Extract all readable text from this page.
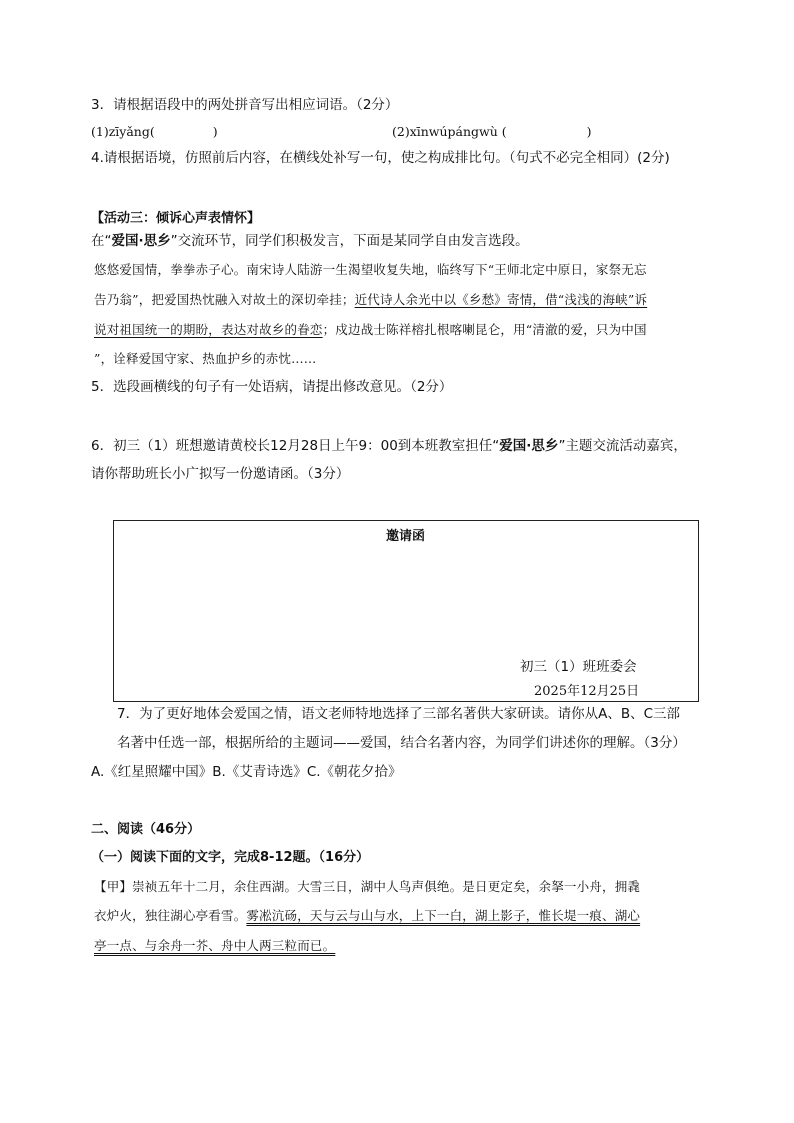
3．请根据语段中的两处拼音写出相应词语。（2分）
(1)zīyǎng(	)	(2)xīnwúpángwù (	)
4.请根据语境，仿照前后内容，在横线处补写一句，使之构成排比句。（句式不必完全相同）(2分)
【活动三：倾诉心声表情怀】
在“爱国·思乡”交流环节，同学们积极发言，下面是某同学自由发言选段。
悠悠爱国情，拳拳赤子心。南宋诗人陆游一生渴望收复失地，临终写下“王师北定中原日，家祭无忘
告乃翁”，把爱国热忱融入对故土的深切牵挂；近代诗人余光中以《乡愁》寄情，借“浅浅的海峡”诉
说对祖国统一的期盼，表达对故乡的眷恋；戍边战士陈祥榕扎根喀喇昆仑，用“清澈的爱，只为中国
”，诠释爱国守家、热血护乡的赤忱……
5．选段画横线的句子有一处语病，请提出修改意见。（2分）
6．初三（1）班想邀请黄校长12月28日上午9：00到本班教室担任“爱国·思乡”主题交流活动嘉宾，
请你帮助班长小广拟写一份邀请函。（3分）
邀请函
初三（1）班班委会
2025年12月25日
7．为了更好地体会爱国之情，语文老师特地选择了三部名著供大家研读。请你从A、B、C三部
名著中任选一部，根据所给的主题词——爱国，结合名著内容，为同学们讲述你的理解。（3分）
A.《红星照耀中国》B.《艾青诗选》C.《朝花夕拾》
二、阅读（46分）
（一）阅读下面的文字，完成8-12题。（16分）
【甲】崇祯五年十二月，余住西湖。大雪三日，湖中人鸟声俱绝。是日更定矣，余拏一小舟，拥毳
衣炉火，独往湖心亭看雪。雾凇沆砀，天与云与山与水，上下一白，湖上影子，惟长堤一痕、湖心
亭一点、与余舟一芥、舟中人两三粒而已。
